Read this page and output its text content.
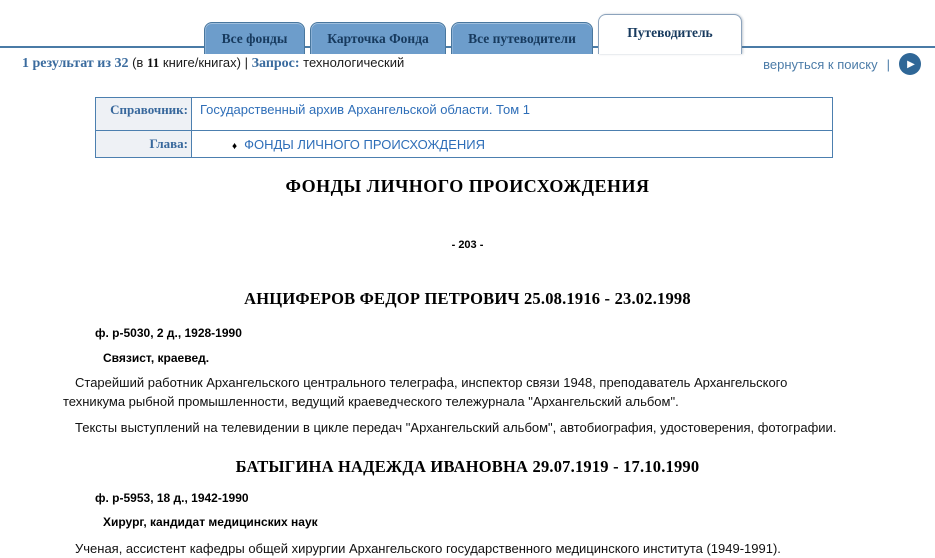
Все фонды	Карточка Фонда	Все путеводители	Путеводитель
1 результат из 32 (в 11 книге/книгах) | Запрос: технологический	вернуться к поиску | ▶
Справочник:	Государственный архив Архангельской области. Том 1
Глава:	♦ ФОНДЫ ЛИЧНОГО ПРОИСХОЖДЕНИЯ
ФОНДЫ ЛИЧНОГО ПРОИСХОЖДЕНИЯ
- 203 -
АНЦИФЕРОВ ФЕДОР ПЕТРОВИЧ 25.08.1916 - 23.02.1998
ф. р-5030, 2 д., 1928-1990
Связист, краевед.
Старейший работник Архангельского центрального телеграфа, инспектор связи 1948, преподаватель Архангельского техникума рыбной промышленности, ведущий краеведческого тележурнала "Архангельский альбом".
Тексты выступлений на телевидении в цикле передач "Архангельский альбом", автобиография, удостоверения, фотографии.
БАТЫГИНА НАДЕЖДА ИВАНОВНА 29.07.1919 - 17.10.1990
ф. р-5953, 18 д., 1942-1990
Хирург, кандидат медицинских наук
Ученая, ассистент кафедры общей хирургии Архангельского государственного медицинского института (1949-1991).
